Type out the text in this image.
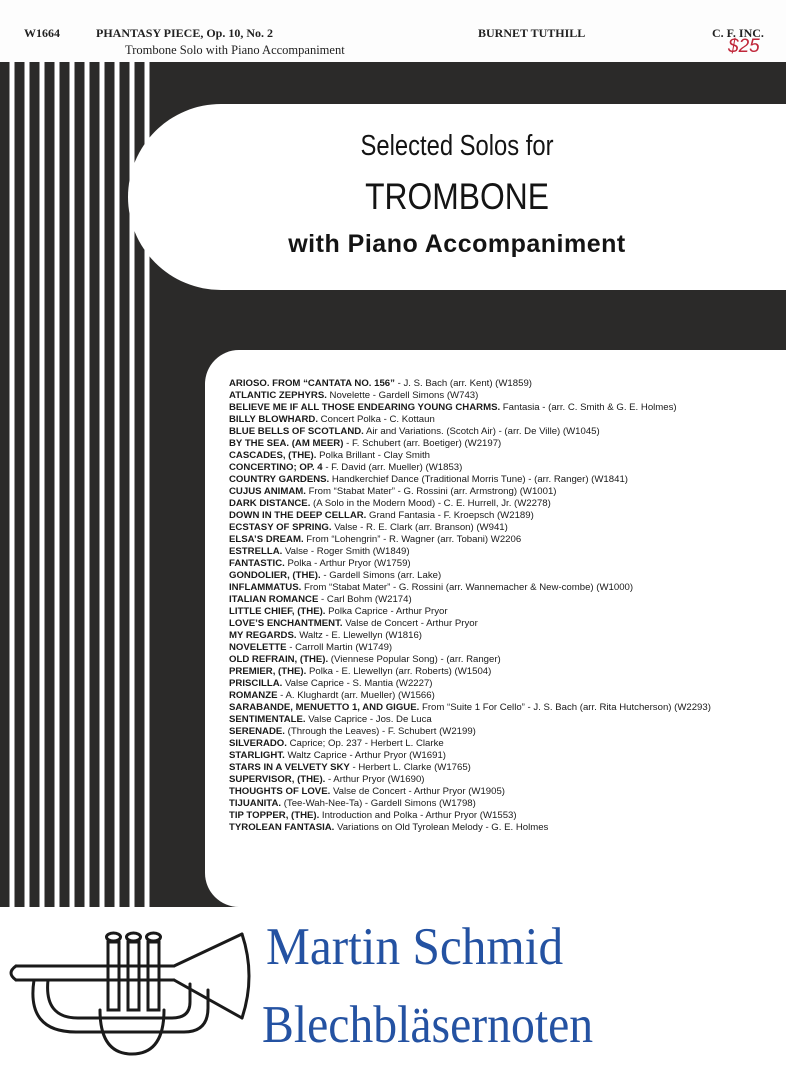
W1664	PHANTASY PIECE, Op. 10, No. 2
Trombone Solo with Piano Accompaniment
BURNET TUTHILL	C. F. INC.
$25
Selected Solos for
TROMBONE
with Piano Accompaniment

ARIOSO. FROM “CANTATA NO. 156” - J. S. Bach (arr. Kent) (W1859)

ATLANTIC ZEPHYRS. Novelette - Gardell Simons (W743)

BELIEVE ME IF ALL THOSE ENDEARING YOUNG CHARMS. Fantasia - (arr. C. Smith & G. E. Holmes)

BILLY BLOWHARD. Concert Polka - C. Kottaun

BLUE BELLS OF SCOTLAND. Air and Variations. (Scotch Air) - (arr. De Ville) (W1045)

BY THE SEA. (AM MEER) - F. Schubert (arr. Boetiger) (W2197)

CASCADES, (THE). Polka Brillant - Clay Smith

CONCERTINO; OP. 4 - F. David (arr. Mueller) (W1853)

COUNTRY GARDENS. Handkerchief Dance (Traditional Morris Tune) - (arr. Ranger) (W1841)

CUJUS ANIMAM. From “Stabat Mater” - G. Rossini (arr. Armstrong) (W1001)

DARK DISTANCE. (A Solo in the Modern Mood) - C. E. Hurrell, Jr. (W2278)

DOWN IN THE DEEP CELLAR. Grand Fantasia - F. Kroepsch (W2189)

ECSTASY OF SPRING. Valse - R. E. Clark (arr. Branson) (W941)

ELSA’S DREAM. From “Lohengrin” - R. Wagner (arr. Tobani) W2206

ESTRELLA. Valse - Roger Smith (W1849)

FANTASTIC. Polka - Arthur Pryor (W1759)

GONDOLIER, (THE). - Gardell Simons (arr. Lake)

INFLAMMATUS. From “Stabat Mater” - G. Rossini (arr. Wannemacher & New-combe) (W1000)

ITALIAN ROMANCE - Carl Bohm (W2174)

LITTLE CHIEF, (THE). Polka Caprice - Arthur Pryor

LOVE’S ENCHANTMENT. Valse de Concert - Arthur Pryor

MY REGARDS. Waltz - E. Llewellyn (W1816)

NOVELETTE - Carroll Martin (W1749)

OLD REFRAIN, (THE). (Viennese Popular Song) - (arr. Ranger)

PREMIER, (THE). Polka - E. Llewellyn (arr. Roberts) (W1504)

PRISCILLA. Valse Caprice - S. Mantia (W2227)

ROMANZE - A. Klughardt (arr. Mueller) (W1566)

SARABANDE, MENUETTO 1, AND GIGUE. From “Suite 1 For Cello” - J. S. Bach (arr. Rita Hutcherson) (W2293)

SENTIMENTALE. Valse Caprice - Jos. De Luca

SERENADE. (Through the Leaves) - F. Schubert (W2199)

SILVERADO. Caprice; Op. 237 - Herbert L. Clarke

STARLIGHT. Waltz Caprice - Arthur Pryor (W1691)

STARS IN A VELVETY SKY - Herbert L. Clarke (W1765)

SUPERVISOR, (THE). - Arthur Pryor (W1690)

THOUGHTS OF LOVE. Valse de Concert - Arthur Pryor (W1905)

TIJUANITA. (Tee-Wah-Nee-Ta) - Gardell Simons (W1798)

TIP TOPPER, (THE). Introduction and Polka - Arthur Pryor (W1553)

TYROLEAN FANTASIA. Variations on Old Tyrolean Melody - G. E. Holmes

Martin Schmid
Blechbläsernoten
